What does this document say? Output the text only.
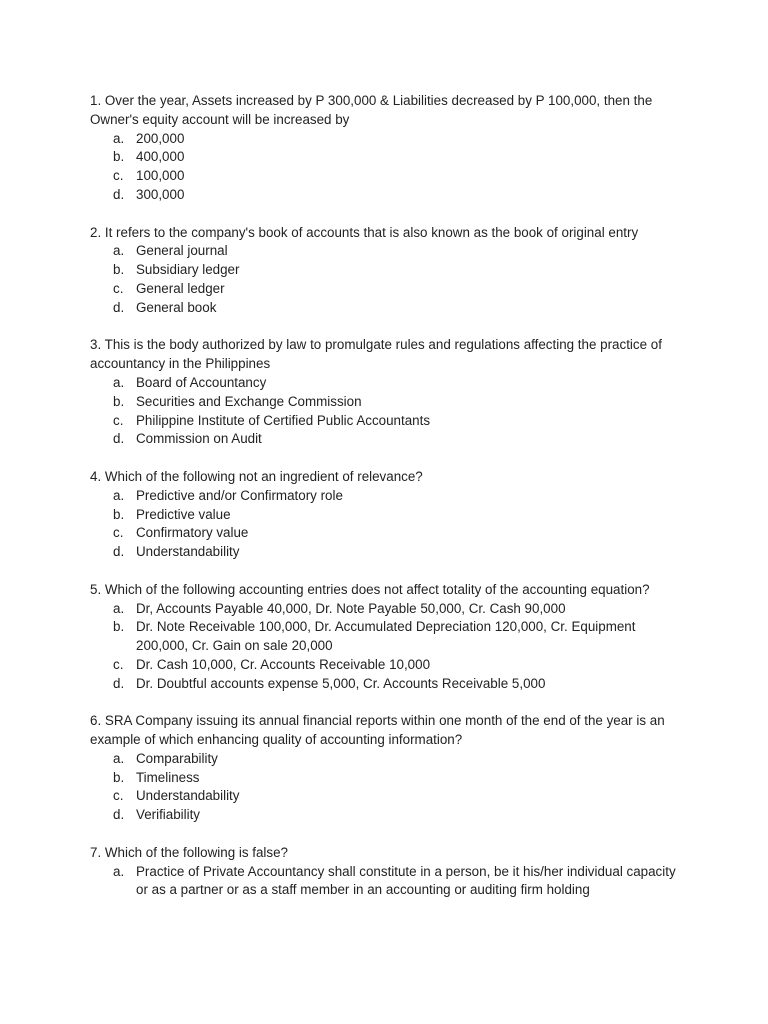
1. Over the year, Assets increased by P 300,000 & Liabilities decreased by P 100,000, then the Owner's equity account will be increased by

a. 200,000
b. 400,000
c. 100,000
d. 300,000

2. It refers to the company's book of accounts that is also known as the book of original entry

a. General journal
b. Subsidiary ledger
c. General ledger
d. General book

3. This is the body authorized by law to promulgate rules and regulations affecting the practice of accountancy in the Philippines

a. Board of Accountancy
b. Securities and Exchange Commission
c. Philippine Institute of Certified Public Accountants
d. Commission on Audit

4. Which of the following not an ingredient of relevance?

a. Predictive and/or Confirmatory role
b. Predictive value
c. Confirmatory value
d. Understandability

5. Which of the following accounting entries does not affect totality of the accounting equation?

a. Dr, Accounts Payable 40,000, Dr. Note Payable 50,000, Cr. Cash 90,000
b. Dr. Note Receivable 100,000, Dr. Accumulated Depreciation 120,000, Cr. Equipment 200,000, Cr. Gain on sale 20,000
c. Dr. Cash 10,000, Cr. Accounts Receivable 10,000
d. Dr. Doubtful accounts expense 5,000, Cr. Accounts Receivable 5,000

6. SRA Company issuing its annual financial reports within one month of the end of the year is an example of which enhancing quality of accounting information?

a. Comparability
b. Timeliness
c. Understandability
d. Verifiability

7. Which of the following is false?

a. Practice of Private Accountancy shall constitute in a person, be it his/her individual capacity or as a partner or as a staff member in an accounting or auditing firm holding
